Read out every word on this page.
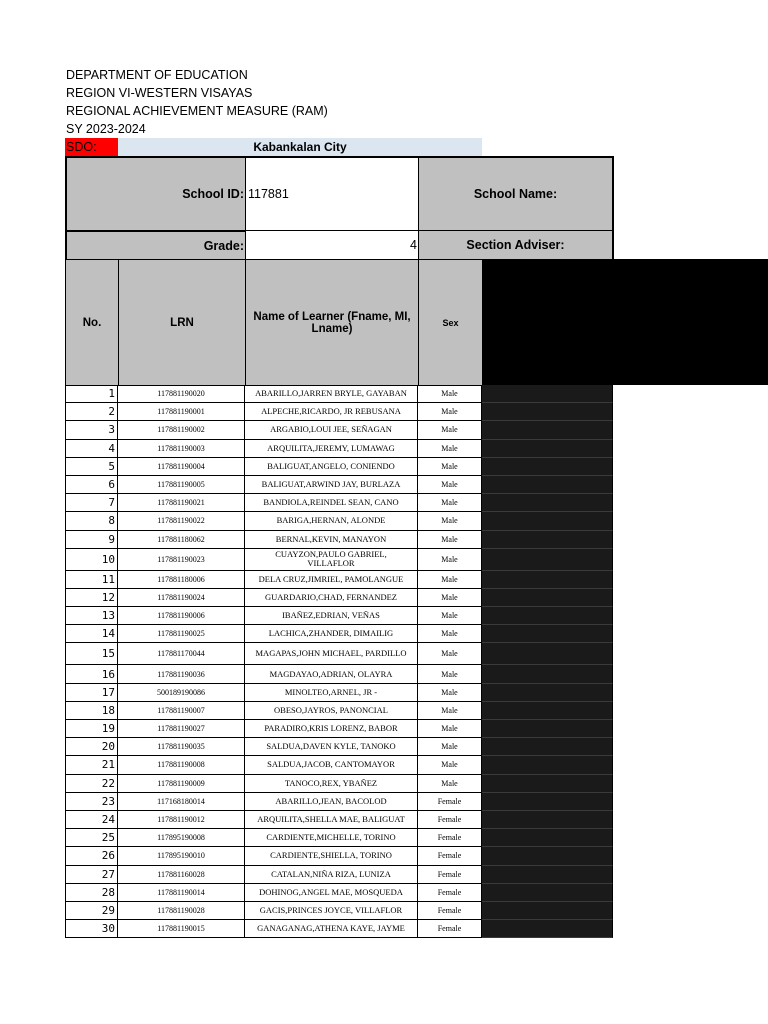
DEPARTMENT OF EDUCATION
REGION VI-WESTERN VISAYAS
REGIONAL ACHIEVEMENT MEASURE (RAM)
SY 2023-2024
SDO:	Kabankalan City
School ID: 117881	School Name:
Grade:	4	Section Adviser:
No.	LRN	Name of Learner (Fname, MI, Lname)	Sex
1	117881190020	ABARILLO,JARREN BRYLE, GAYABAN	Male
2	117881190001	ALPECHE,RICARDO, JR REBUSANA	Male
3	117881190002	ARGABIO,LOUI JEE, SEÑAGAN	Male
4	117881190003	ARQUILITA,JEREMY, LUMAWAG	Male
5	117881190004	BALIGUAT,ANGELO, CONIENDO	Male
6	117881190005	BALIGUAT,ARWIND JAY, BURLAZA	Male
7	117881190021	BANDIOLA,REINDEL SEAN, CANO	Male
8	117881190022	BARIGA,HERNAN, ALONDE	Male
9	117881180062	BERNAL,KEVIN, MANAYON	Male
10	117881190023	CUAYZON,PAULO GABRIEL, VILLAFLOR	Male
11	117881180006	DELA CRUZ,JIMRIEL, PAMOLANGUE	Male
12	117881190024	GUARDARIO,CHAD, FERNANDEZ	Male
13	117881190006	IBAÑEZ,EDRIAN, VEÑAS	Male
14	117881190025	LACHICA,ZHANDER, DIMAILIG	Male
15	117881170044	MAGAPAS,JOHN MICHAEL, PARDILLO	Male
16	117881190036	MAGDAYAO,ADRIAN, OLAYRA	Male
17	500189190086	MINOLTEO,ARNEL, JR -	Male
18	117881190007	OBESO,JAYROS, PANONCIAL	Male
19	117881190027	PARADIRO,KRIS LORENZ, BABOR	Male
20	117881190035	SALDUA,DAVEN KYLE, TANOKO	Male
21	117881190008	SALDUA,JACOB, CANTOMAYOR	Male
22	117881190009	TANOCO,REX, YBAÑEZ	Male
23	117168180014	ABARILLO,JEAN, BACOLOD	Female
24	117881190012	ARQUILITA,SHELLA MAE, BALIGUAT	Female
25	117895190008	CARDIENTE,MICHELLE, TORINO	Female
26	117895190010	CARDIENTE,SHIELLA, TORINO	Female
27	117881160028	CATALAN,NIÑA RIZA, LUNIZA	Female
28	117881190014	DOHINOG,ANGEL MAE, MOSQUEDA	Female
29	117881190028	GACIS,PRINCES JOYCE, VILLAFLOR	Female
30	117881190015	GANAGANAG,ATHENA KAYE, JAYME	Female
